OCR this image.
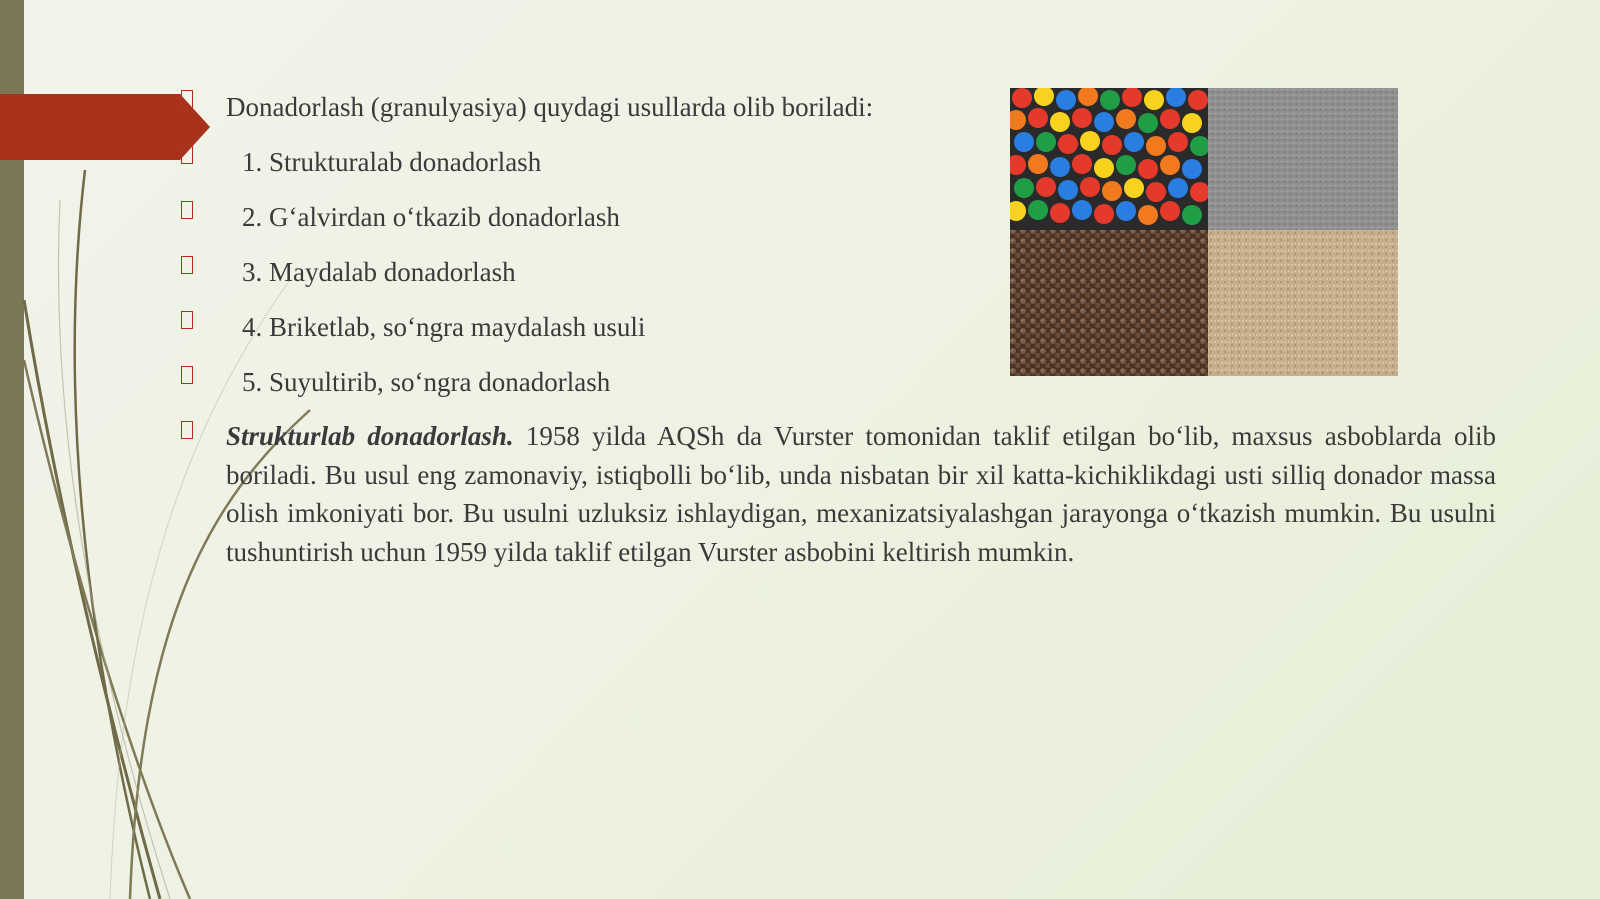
Donadorlash (granulyasiya) quydagi usullarda olib boriladi:
1. Strukturalab donadorlash
2. G‘alvirdan o‘tkazib donadorlash
3. Maydalab donadorlash
4. Briketlab, so‘ngra maydalash usuli
5. Suyultirib, so‘ngra donadorlash
Strukturlab donadorlash. 1958 yilda AQSh da Vurster tomonidan taklif etilgan bo‘lib, maxsus asboblarda olib boriladi. Bu usul eng zamonaviy, istiqbolli bo‘lib, unda nisbatan bir xil katta-kichiklikdagi usti silliq donador massa olish imkoniyati bor. Bu usulni uzluksiz ishlaydigan, mexanizatsiyalashgan jarayonga o‘tkazish mumkin. Bu usulni tushuntirish uchun 1959 yilda taklif etilgan Vurster asbobini keltirish mumkin.
